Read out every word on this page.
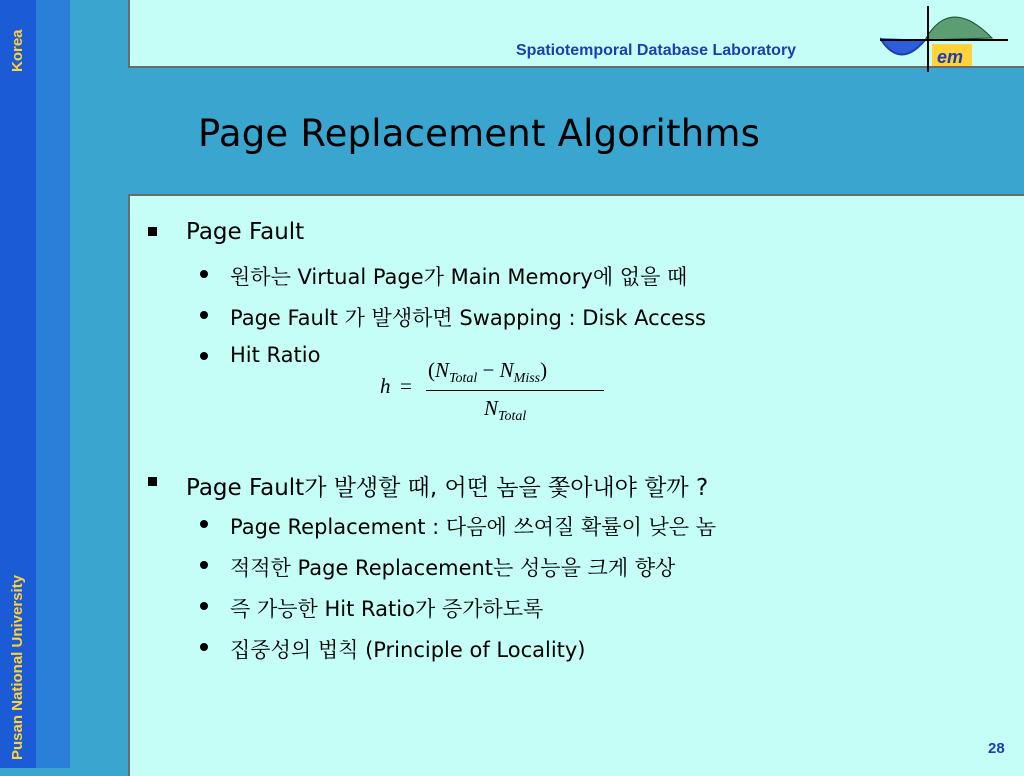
Korea
Pusan National University
Spatiotemporal Database Laboratory	em
Page Replacement Algorithms
Page Fault
원하는 Virtual Page가 Main Memory에 없을 때
Page Fault 가 발생하면 Swapping : Disk Access
Hit Ratio
h =
$(N_{Total} - N_{Miss})$
$N_{Total}$
Page Fault가 발생할 때, 어떤 놈을 쫓아내야 할까 ?
Page Replacement : 다음에 쓰여질 확률이 낮은 놈
적적한 Page Replacement는 성능을 크게 향상
즉 가능한 Hit Ratio가 증가하도록
집중성의 법칙 (Principle of Locality)
28
